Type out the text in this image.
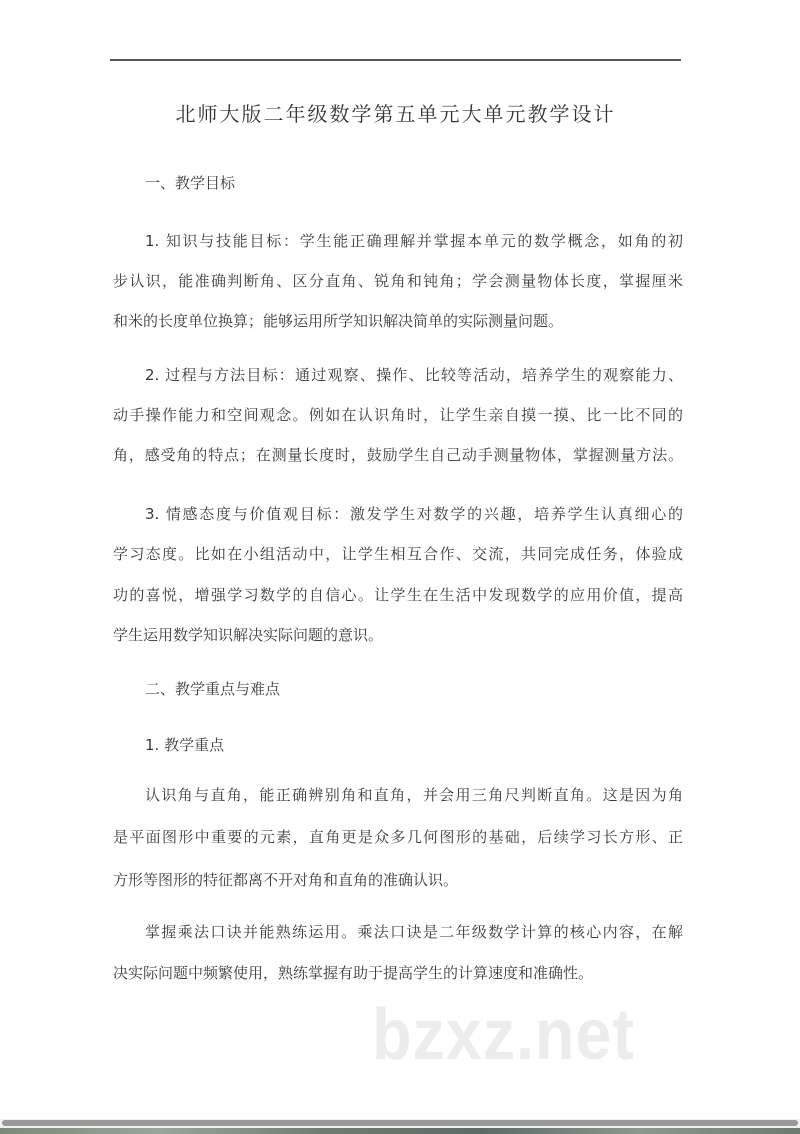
北师大版二年级数学第五单元大单元教学设计
一、教学目标
1. 知识与技能目标：学生能正确理解并掌握本单元的数学概念，如角的初
步认识，能准确判断角、区分直角、锐角和钝角；学会测量物体长度，掌握厘米
和米的长度单位换算；能够运用所学知识解决简单的实际测量问题。
2. 过程与方法目标：通过观察、操作、比较等活动，培养学生的观察能力、
动手操作能力和空间观念。例如在认识角时，让学生亲自摸一摸、比一比不同的
角，感受角的特点；在测量长度时，鼓励学生自己动手测量物体，掌握测量方法。
3. 情感态度与价值观目标：激发学生对数学的兴趣，培养学生认真细心的
学习态度。比如在小组活动中，让学生相互合作、交流，共同完成任务，体验成
功的喜悦，增强学习数学的自信心。让学生在生活中发现数学的应用价值，提高
学生运用数学知识解决实际问题的意识。
二、教学重点与难点
1. 教学重点
认识角与直角，能正确辨别角和直角，并会用三角尺判断直角。这是因为角
是平面图形中重要的元素，直角更是众多几何图形的基础，后续学习长方形、正
方形等图形的特征都离不开对角和直角的准确认识。
掌握乘法口诀并能熟练运用。乘法口诀是二年级数学计算的核心内容，在解
决实际问题中频繁使用，熟练掌握有助于提高学生的计算速度和准确性。
bzxz.net
